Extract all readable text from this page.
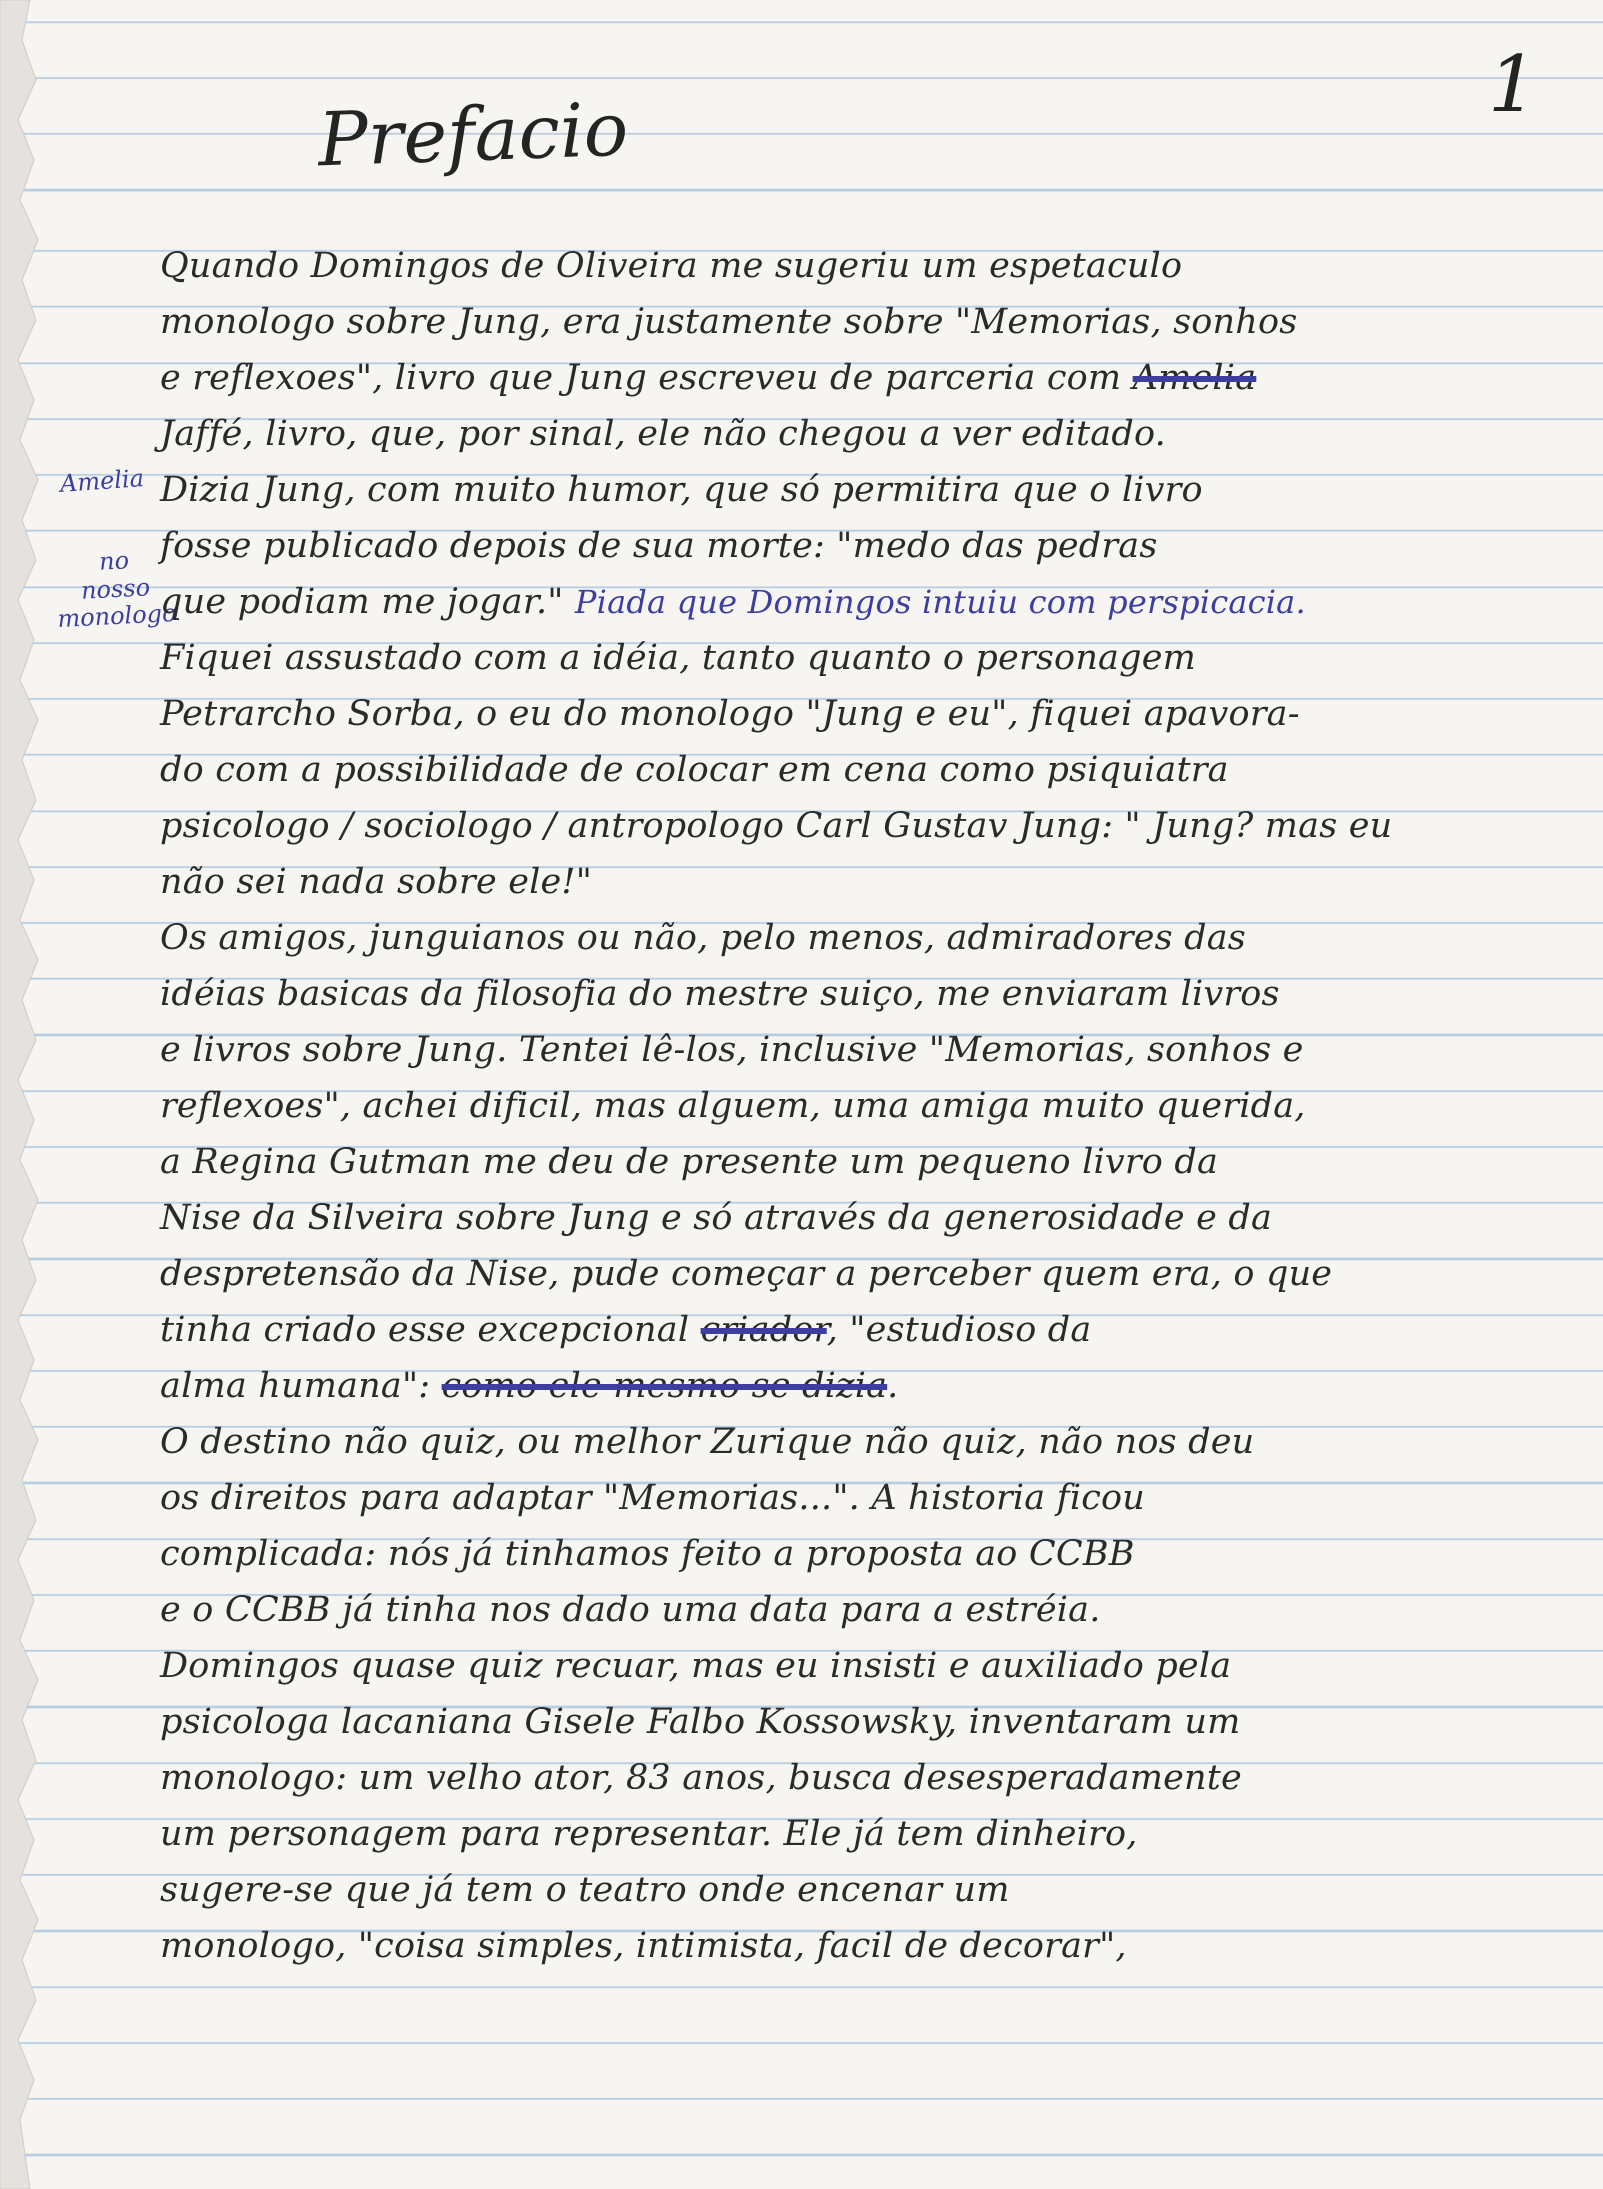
Prefacio
1
Amelia
no
nosso
monologo
Quando Domingos de Oliveira me sugeriu um espetaculo
monologo sobre Jung, era justamente sobre "Memorias, sonhos
e reflexoes", livro que Jung escreveu de parceria com Amelia
Jaffé, livro, que, por sinal, ele não chegou a ver editado.
Dizia Jung, com muito humor, que só permitira que o livro
fosse publicado depois de sua morte: "medo das pedras
que podiam me jogar." Piada que Domingos intuiu com perspicacia.
Fiquei assustado com a idéia, tanto quanto o personagem
Petrarcho Sorba, o eu do monologo "Jung e eu", fiquei apavora-
do com a possibilidade de colocar em cena como psiquiatra
psicologo / sociologo / antropologo Carl Gustav Jung: " Jung? mas eu
não sei nada sobre ele!"
Os amigos, junguianos ou não, pelo menos, admiradores das
idéias basicas da filosofia do mestre suiço, me enviaram livros
e livros sobre Jung. Tentei lê-los, inclusive "Memorias, sonhos e
reflexoes", achei dificil, mas alguem, uma amiga muito querida,
a Regina Gutman me deu de presente um pequeno livro da
Nise da Silveira sobre Jung e só através da generosidade e da
despretensão da Nise, pude começar a perceber quem era, o que
tinha criado esse excepcional criador, "estudioso da
alma humana": como ele mesmo se dizia.
O destino não quiz, ou melhor Zurique não quiz, não nos deu
os direitos para adaptar "Memorias...". A historia ficou
complicada: nós já tinhamos feito a proposta ao CCBB
e o CCBB já tinha nos dado uma data para a estréia.
Domingos quase quiz recuar, mas eu insisti e auxiliado pela
psicologa lacaniana Gisele Falbo Kossowsky, inventaram um
monologo: um velho ator, 83 anos, busca desesperadamente
um personagem para representar. Ele já tem dinheiro,
sugere-se que já tem o teatro onde encenar um
monologo, "coisa simples, intimista, facil de decorar",
